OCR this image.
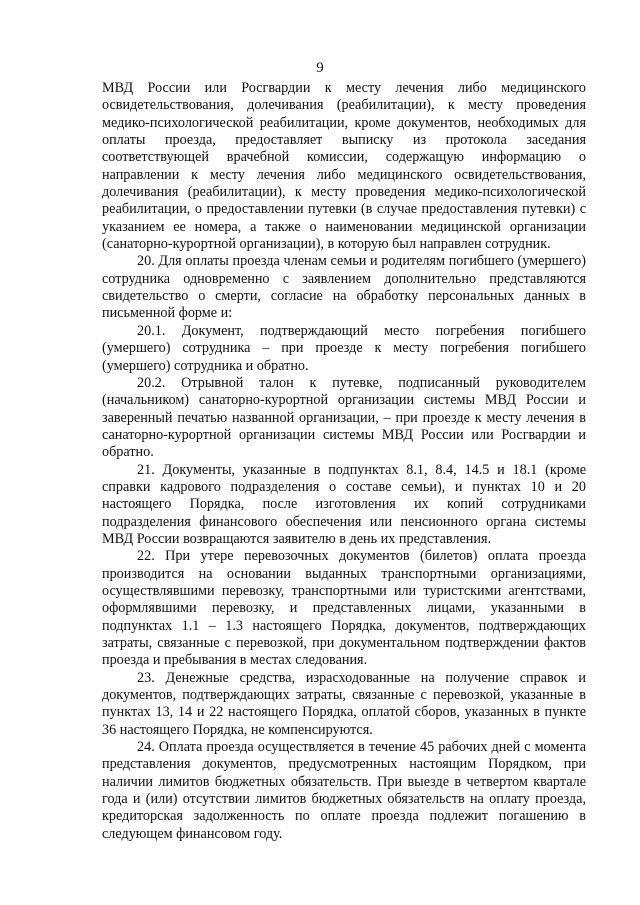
9

МВД России или Росгвардии к месту лечения либо медицинского освидетельствования, долечивания (реабилитации), к месту проведения медико-психологической реабилитации, кроме документов, необходимых для оплаты проезда, предоставляет выписку из протокола заседания соответствующей врачебной комиссии, содержащую информацию о направлении к месту лечения либо медицинского освидетельствования, долечивания (реабилитации), к месту проведения медико-психологической реабилитации, о предоставлении путевки (в случае предоставления путевки) с указанием ее номера, а также о наименовании медицинской организации (санаторно-курортной организации), в которую был направлен сотрудник.

20. Для оплаты проезда членам семьи и родителям погибшего (умершего) сотрудника одновременно с заявлением дополнительно представляются свидетельство о смерти, согласие на обработку персональных данных в письменной форме и:

20.1. Документ, подтверждающий место погребения погибшего (умершего) сотрудника – при проезде к месту погребения погибшего (умершего) сотрудника и обратно.

20.2. Отрывной талон к путевке, подписанный руководителем (начальником) санаторно-курортной организации системы МВД России и заверенный печатью названной организации, – при проезде к месту лечения в санаторно-курортной организации системы МВД России или Росгвардии и обратно.

21. Документы, указанные в подпунктах 8.1, 8.4, 14.5 и 18.1 (кроме справки кадрового подразделения о составе семьи), и пунктах 10 и 20 настоящего Порядка, после изготовления их копий сотрудниками подразделения финансового обеспечения или пенсионного органа системы МВД России возвращаются заявителю в день их представления.

22. При утере перевозочных документов (билетов) оплата проезда производится на основании выданных транспортными организациями, осуществлявшими перевозку, транспортными или туристскими агентствами, оформлявшими перевозку, и представленных лицами, указанными в подпунктах 1.1 – 1.3 настоящего Порядка, документов, подтверждающих затраты, связанные с перевозкой, при документальном подтверждении фактов проезда и пребывания в местах следования.

23. Денежные средства, израсходованные на получение справок и документов, подтверждающих затраты, связанные с перевозкой, указанные в пунктах 13, 14 и 22 настоящего Порядка, оплатой сборов, указанных в пункте 36 настоящего Порядка, не компенсируются.

24. Оплата проезда осуществляется в течение 45 рабочих дней с момента представления документов, предусмотренных настоящим Порядком, при наличии лимитов бюджетных обязательств. При выезде в четвертом квартале года и (или) отсутствии лимитов бюджетных обязательств на оплату проезда, кредиторская задолженность по оплате проезда подлежит погашению в следующем финансовом году.
